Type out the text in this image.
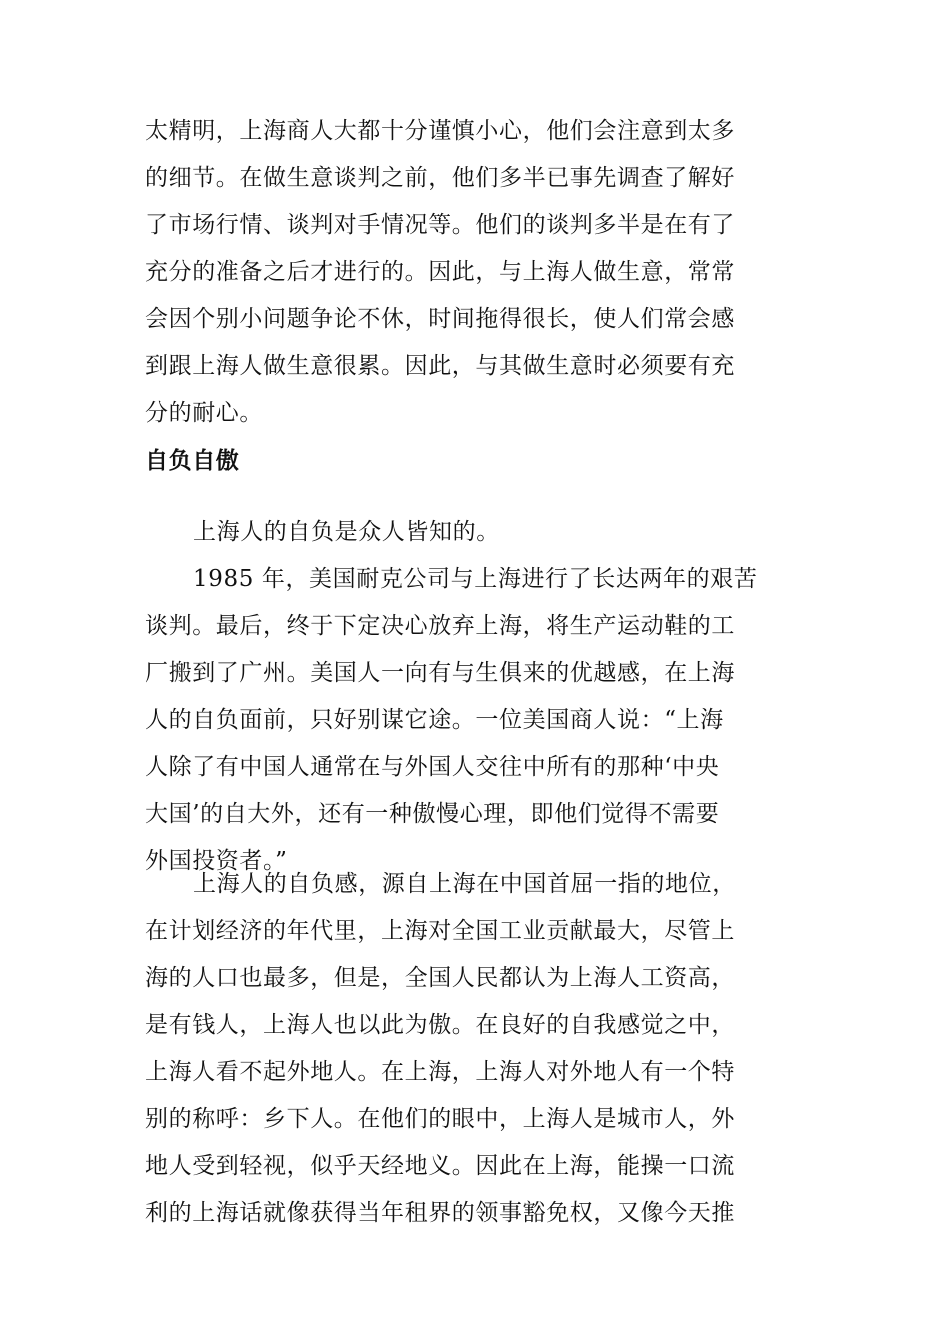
太精明，上海商人大都十分谨慎小心，他们会注意到太多
的细节。在做生意谈判之前，他们多半已事先调查了解好
了市场行情、谈判对手情况等。他们的谈判多半是在有了
充分的准备之后才进行的。因此，与上海人做生意，常常
会因个别小问题争论不休，时间拖得很长，使人们常会感
到跟上海人做生意很累。因此，与其做生意时必须要有充
分的耐心。
自负自傲
上海人的自负是众人皆知的。
1985 年，美国耐克公司与上海进行了长达两年的艰苦
谈判。最后，终于下定决心放弃上海，将生产运动鞋的工
厂搬到了广州。美国人一向有与生俱来的优越感，在上海
人的自负面前，只好别谋它途。一位美国商人说：“上海
人除了有中国人通常在与外国人交往中所有的那种‘中央
大国’的自大外，还有一种傲慢心理，即他们觉得不需要
外国投资者。”
上海人的自负感，源自上海在中国首屈一指的地位，
在计划经济的年代里，上海对全国工业贡献最大，尽管上
海的人口也最多，但是，全国人民都认为上海人工资高，
是有钱人，上海人也以此为傲。在良好的自我感觉之中，
上海人看不起外地人。在上海，上海人对外地人有一个特
别的称呼：乡下人。在他们的眼中，上海人是城市人，外
地人受到轻视，似乎天经地义。因此在上海，能操一口流
利的上海话就像获得当年租界的领事豁免权，又像今天推
